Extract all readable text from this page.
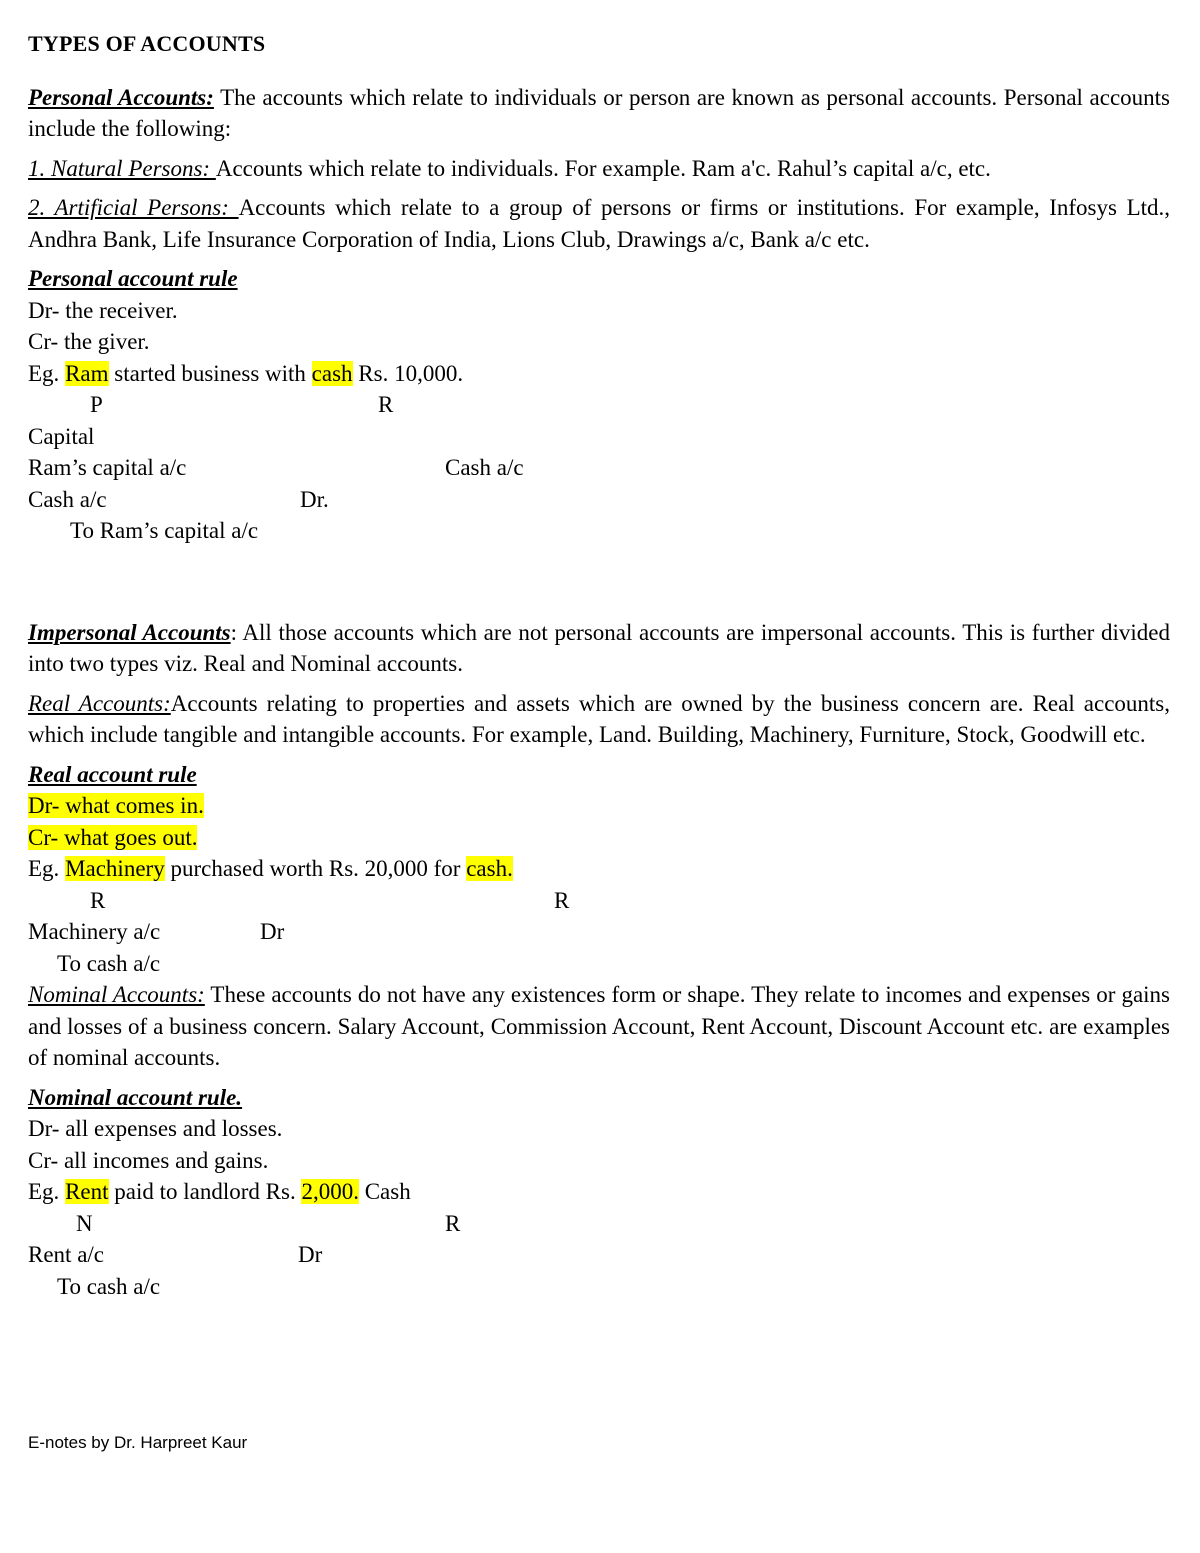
TYPES OF ACCOUNTS

Personal Accounts: The accounts which relate to individuals or person are known as personal accounts. Personal accounts include the following:

1. Natural Persons: Accounts which relate to individuals. For example. Ram a'c. Rahul’s capital a/c, etc.

2. Artificial Persons: Accounts which relate to a group of persons or firms or institutions. For example, Infosys Ltd., Andhra Bank, Life Insurance Corporation of India, Lions Club, Drawings a/c, Bank a/c etc.

Personal account rule

Dr- the receiver.

Cr- the giver.

Eg. Ram started business with cash Rs. 10,000.

P	R

Capital

Ram’s capital a/c	Cash a/c
Cash a/c	Dr.
To Ram’s capital a/c

Impersonal Accounts: All those accounts which are not personal accounts are impersonal accounts. This is further divided into two types viz. Real and Nominal accounts.

Real Accounts:Accounts relating to properties and assets which are owned by the business concern are. Real accounts, which include tangible and intangible accounts. For example, Land. Building, Machinery, Furniture, Stock, Goodwill etc.

Real account rule

Dr- what comes in.

Cr- what goes out.

Eg. Machinery purchased worth Rs. 20,000 for cash.

R	R
Machinery a/c	Dr
To cash a/c

Nominal Accounts: These accounts do not have any existences form or shape. They relate to incomes and expenses or gains and losses of a business concern. Salary Account, Commission Account, Rent Account, Discount Account etc. are examples of nominal accounts.

Nominal account rule.

Dr- all expenses and losses.

Cr- all incomes and gains.

Eg. Rent paid to landlord Rs. 2,000. Cash

N	R
Rent a/c	Dr
To cash a/c
E-notes by Dr. Harpreet Kaur
